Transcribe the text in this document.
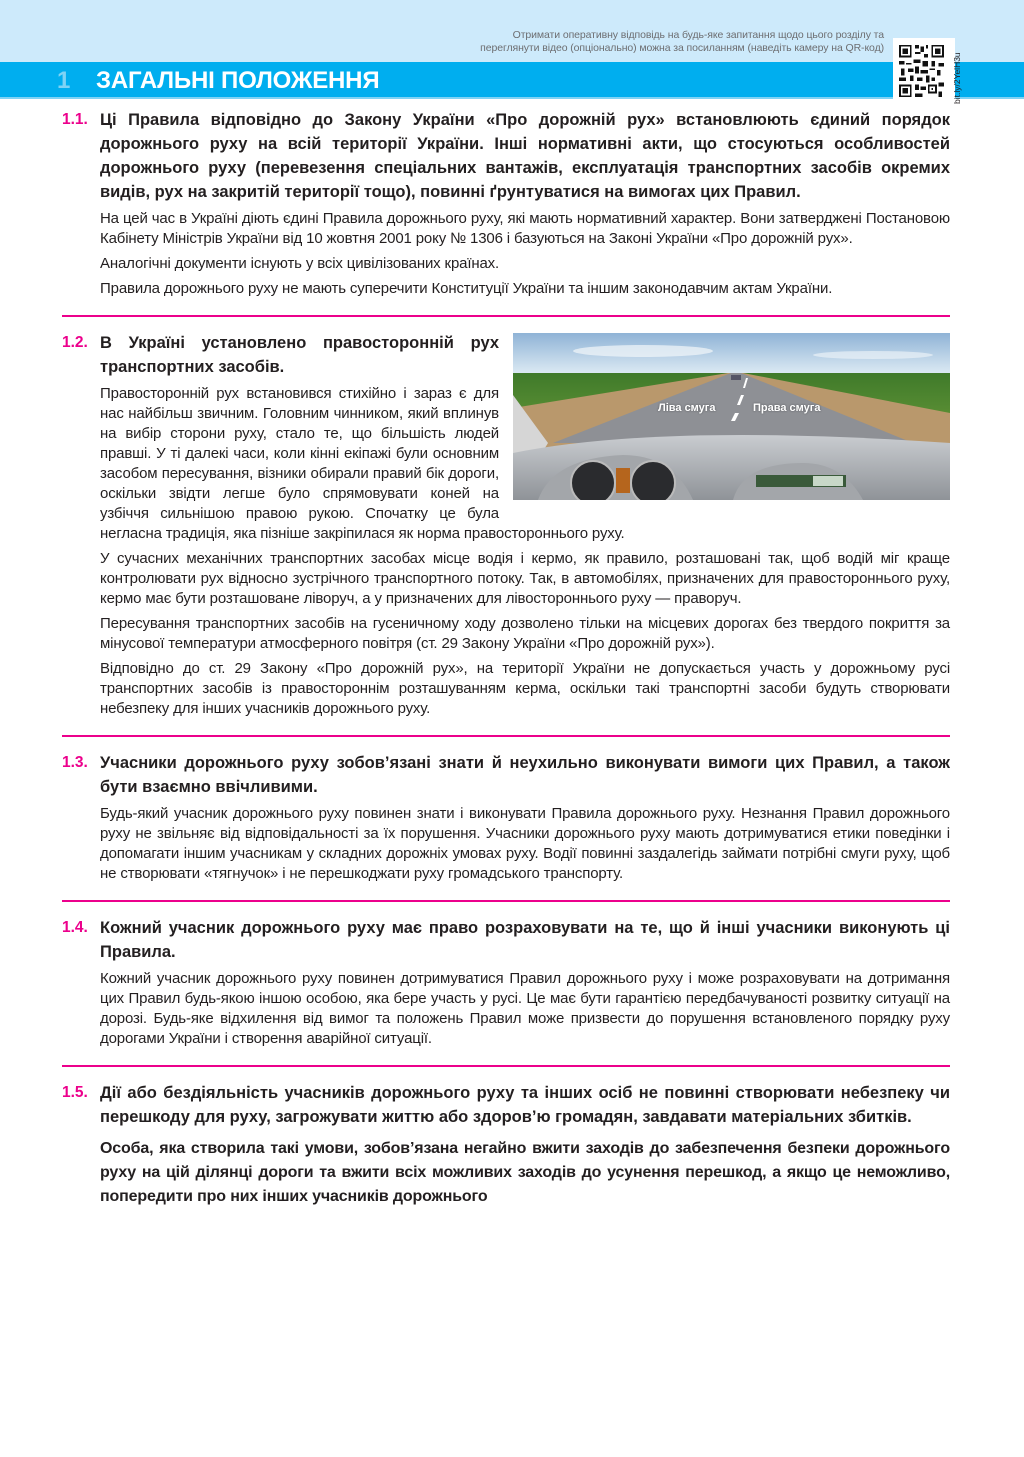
Отримати оперативну відповідь на будь-яке запитання щодо цього розділу та
переглянути відео (опціонально) можна за посиланням (наведіть камеру на QR-код)
1 ЗАГАЛЬНІ ПОЛОЖЕННЯ	bit.ly/2YelH3u
1.1. Ці Правила відповідно до Закону України «Про дорожній рух» встановлюють єдиний порядок дорожнього руху на всій території України. Інші нормативні акти, що стосуються особливостей дорожнього руху (перевезення спеціальних вантажів, експлуатація транспортних засобів окремих видів, рух на закритій території тощо), повинні ґрунтуватися на вимогах цих Правил.

На цей час в Україні діють єдині Правила дорожнього руху, які мають нормативний характер. Вони затверджені Постановою Кабінету Міністрів України від 10 жовтня 2001 року № 1306 і базуються на Законі України «Про дорожній рух».

Аналогічні документи існують у всіх цивілізованих країнах.

Правила дорожнього руху не мають суперечити Конституції України та іншим законодавчим актам України.

Ліва смуга	Права смуга
1.2. В Україні установлено правосторонній рух транспортних засобів.

Правосторонній рух встановився стихійно і зараз є для нас найбільш звичним. Головним чинником, який вплинув на вибір сторони руху, стало те, що більшість людей правші. У ті далекі часи, коли кінні екіпажі були основним засобом пересування, візники обирали правий бік дороги, оскільки звідти легше було спрямовувати коней на узбіччя сильнішою правою рукою. Спочатку це була негласна традиція, яка пізніше закріпилася як норма правостороннього руху.

У сучасних механічних транспортних засобах місце водія і кермо, як правило, розташовані так, щоб водій міг краще контролювати рух відносно зустрічного транспортного потоку. Так, в автомобілях, призначених для правостороннього руху, кермо має бути розташоване ліворуч, а у призначених для лівостороннього руху — праворуч.

Пересування транспортних засобів на гусеничному ходу дозволено тільки на місцевих дорогах без твердого покриття за мінусової температури атмосферного повітря (ст. 29 Закону України «Про дорожній рух»).

Відповідно до ст. 29 Закону «Про дорожній рух», на території України не допускається участь у дорожньому русі транспортних засобів із правостороннім розташуванням керма, оскільки такі транспортні засоби будуть створювати небезпеку для інших учасників дорожнього руху.

1.3. Учасники дорожнього руху зобов’язані знати й неухильно виконувати вимоги цих Правил, а також бути взаємно ввічливими.

Будь-який учасник дорожнього руху повинен знати і виконувати Правила дорожнього руху. Незнання Правил дорожнього руху не звільняє від відповідальності за їх порушення. Учасники дорожнього руху мають дотримуватися етики поведінки і допомагати іншим учасникам у складних дорожніх умовах руху. Водії повинні заздалегідь займати потрібні смуги руху, щоб не створювати «тягнучок» і не перешкоджати руху громадського транспорту.

1.4. Кожний учасник дорожнього руху має право розраховувати на те, що й інші учасники виконують ці Правила.

Кожний учасник дорожнього руху повинен дотримуватися Правил дорожнього руху і може розраховувати на дотримання цих Правил будь-якою іншою особою, яка бере участь у русі. Це має бути гарантією передбачуваності розвитку ситуації на дорозі. Будь-яке відхилення від вимог та положень Правил може призвести до порушення встановленого порядку руху дорогами України і створення аварійної ситуації.

1.5. Дії або бездіяльність учасників дорожнього руху та інших осіб не повинні створювати небезпеку чи перешкоду для руху, загрожувати життю або здоров’ю громадян, завдавати матеріальних збитків.

Особа, яка створила такі умови, зобов’язана негайно вжити заходів до забезпечення безпеки дорожнього руху на цій ділянці дороги та вжити всіх можливих заходів до усунення перешкод, а якщо це неможливо, попередити про них інших учасників дорожнього
